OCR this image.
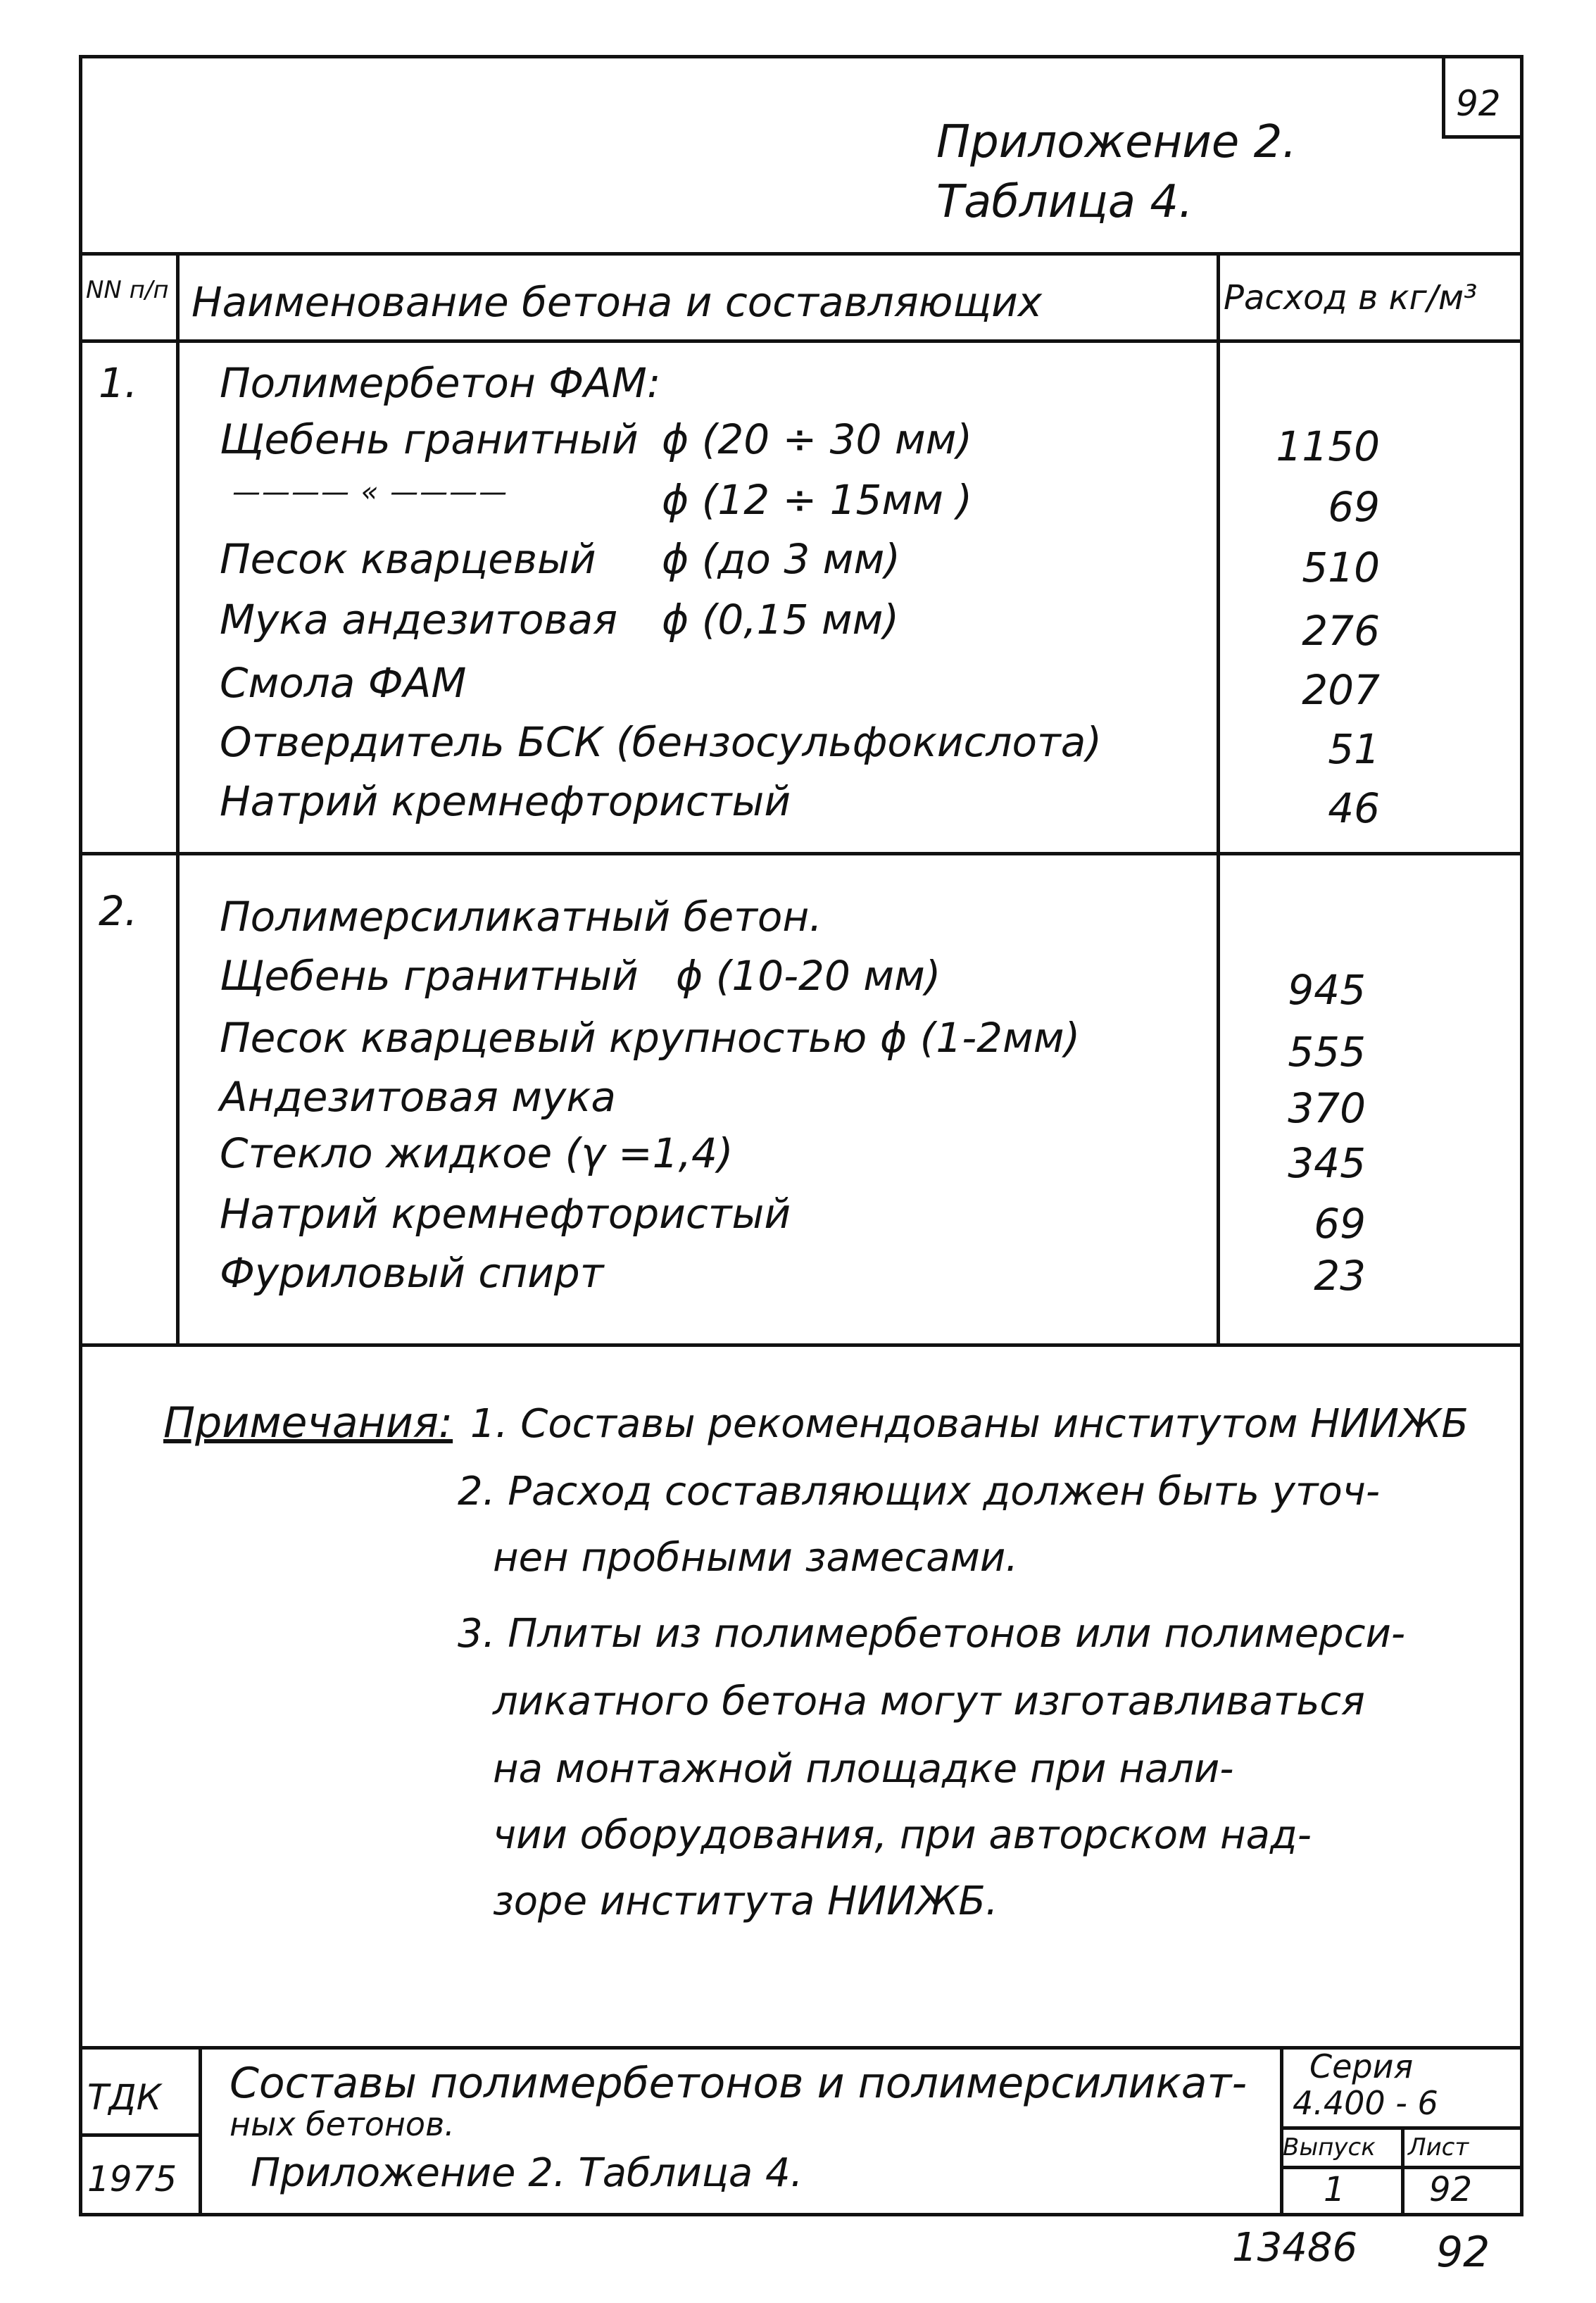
92
Приложение 2.
Таблица 4.
NN п/п Наименование бетона и составляющих	Расход в кг/м³
1. Полимербетон ФАМ:
Щебень гранитный ϕ (20 ÷ 30 мм)	1150
———— « ————	ϕ (12 ÷ 15мм )	69
Песок кварцевый ϕ (до 3 мм)	510
Мука андезитовая ϕ (0,15 мм)	276
Смола ФАМ	207
Отвердитель БСК (бензосульфокислота)	51
Натрий кремнефтористый	46
2. Полимерсиликатный бетон.
Щебень гранитный ϕ (10-20 мм)	945
Песок кварцевый крупностью ϕ (1-2мм)	555
Андезитовая мука	370
Стекло жидкое (γ =1,4)	345
Натрий кремнефтористый	69
Фуриловый спирт	23
Примечания: 1. Составы рекомендованы институтом НИИЖБ
2. Расход составляющих должен быть уточ-
нен пробными замесами.
3. Плиты из полимербетонов или полимерси-
ликатного бетона могут изготавливаться
на монтажной площадке при нали-
чии оборудования, при авторском над-
зоре института НИИЖБ.
ТДК
1975
Составы полимербетонов и полимерсиликат-
ных бетонов.
Приложение 2. Таблица 4.
Серия
4.400 - 6
Выпуск Лист
1 92
13486 92
